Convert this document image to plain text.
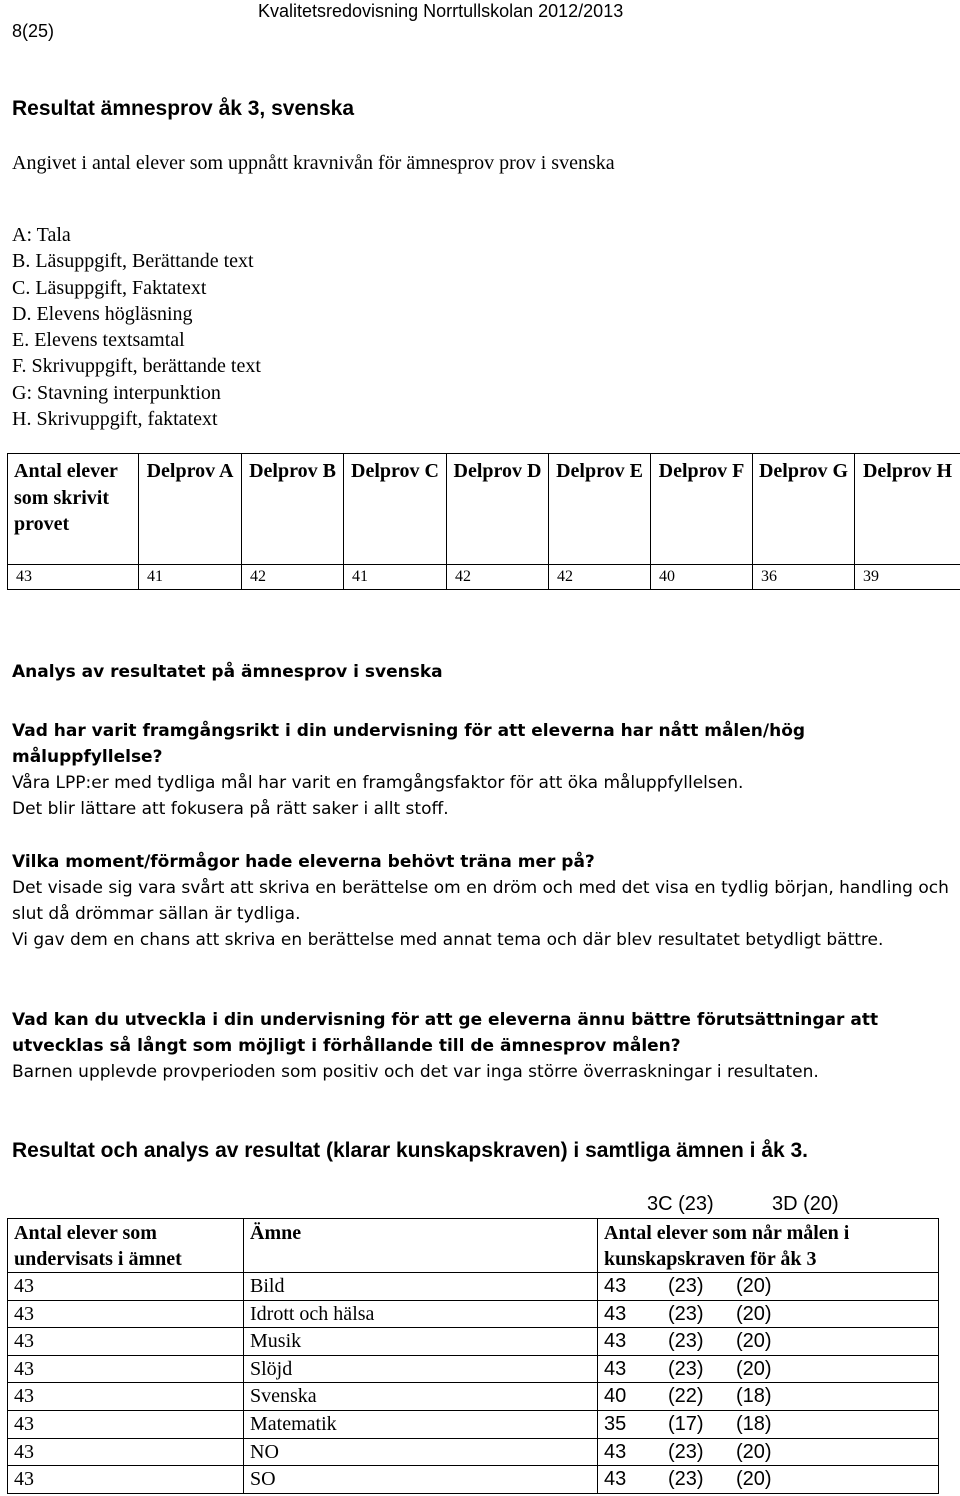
8(25)
Kvalitetsredovisning Norrtullskolan 2012/2013
Resultat ämnesprov åk 3, svenska
Angivet i antal elever som uppnått kravnivån för ämnesprov prov i svenska
A: Tala
B. Läsuppgift, Berättande text
C. Läsuppgift, Faktatext
D. Elevens högläsning
E. Elevens textsamtal
F. Skrivuppgift, berättande text
G: Stavning interpunktion
H. Skrivuppgift, faktatext
Antal elever som skrivit provet	Delprov A	Delprov B	Delprov C	Delprov D	Delprov E	Delprov F	Delprov G	Delprov H
43	41	42	41	42	42	40	36	39
Analys av resultatet på ämnesprov i svenska

Vad har varit framgångsrikt i din undervisning för att eleverna har nått målen/hög måluppfyllelse?

Våra LPP:er med tydliga mål har varit en framgångsfaktor för att öka måluppfyllelsen.

Det blir lättare att fokusera på rätt saker i allt stoff.

Vilka moment/förmågor hade eleverna behövt träna mer på?

Det visade sig vara svårt att skriva en berättelse om en dröm och med det visa en tydlig början, handling och slut då drömmar sällan är tydliga.

Vi gav dem en chans att skriva en berättelse med annat tema och där blev resultatet betydligt bättre.

Vad kan du utveckla i din undervisning för att ge eleverna ännu bättre förutsättningar att utvecklas så långt som möjligt i förhållande till de ämnesprov målen?

Barnen upplevde provperioden som positiv och det var inga större överraskningar i resultaten.

Resultat och analys av resultat (klarar kunskapskraven) i samtliga ämnen i åk 3.
3C (23)	3D (20)
Antal elever som undervisats i ämnet	Ämne	Antal elever som når målen i kunskapskraven för åk 3
43	Bild	43 (23) (20)
43	Idrott och hälsa	43 (23) (20)
43	Musik	43 (23) (20)
43	Slöjd	43 (23) (20)
43	Svenska	40 (22) (18)
43	Matematik	35 (17) (18)
43	NO	43 (23) (20)
43	SO	43 (23) (20)
